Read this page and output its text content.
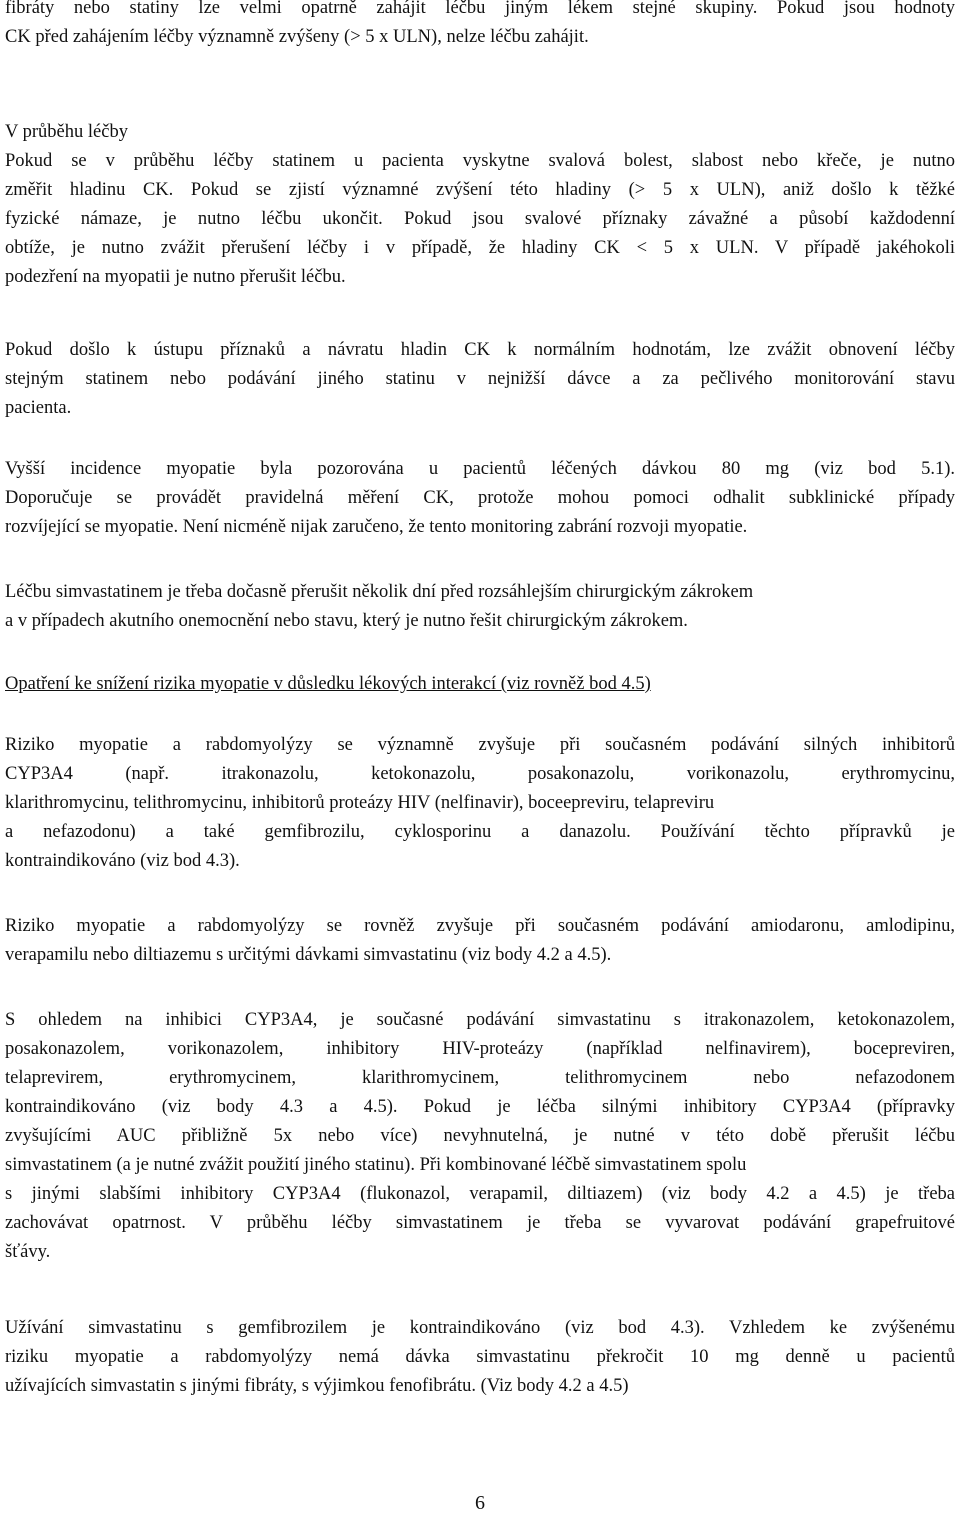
fibráty nebo statiny lze velmi opatrně zahájit léčbu jiným lékem stejné skupiny. Pokud jsou hodnoty
CK před zahájením léčby významně zvýšeny (> 5 x ULN), nelze léčbu zahájit.
V průběhu léčby
Pokud se v průběhu léčby statinem u pacienta vyskytne svalová bolest, slabost nebo křeče, je nutno
změřit hladinu CK. Pokud se zjistí významné zvýšení této hladiny (> 5 x ULN), aniž došlo k těžké
fyzické námaze, je nutno léčbu ukončit. Pokud jsou svalové příznaky závažné a působí každodenní
obtíže, je nutno zvážit přerušení léčby i v případě, že hladiny CK < 5 x ULN. V případě jakéhokoli
podezření na myopatii je nutno přerušit léčbu.
Pokud došlo k ústupu příznaků a návratu hladin CK k normálním hodnotám, lze zvážit obnovení léčby
stejným statinem nebo podávání jiného statinu v nejnižší dávce a za pečlivého monitorování stavu
pacienta.
Vyšší incidence myopatie byla pozorována u pacientů léčených dávkou 80 mg (viz bod 5.1).
Doporučuje se provádět pravidelná měření CK, protože mohou pomoci odhalit subklinické případy
rozvíjející se myopatie. Není nicméně nijak zaručeno, že tento monitoring zabrání rozvoji myopatie.
Léčbu simvastatinem je třeba dočasně přerušit několik dní před rozsáhlejším chirurgickým zákrokem
a v případech akutního onemocnění nebo stavu, který je nutno řešit chirurgickým zákrokem.
Opatření ke snížení rizika myopatie v důsledku lékových interakcí (viz rovněž bod 4.5)
Riziko myopatie a rabdomyolýzy se významně zvyšuje při současném podávání silných inhibitorů
CYP3A4 (např. itrakonazolu, ketokonazolu, posakonazolu, vorikonazolu, erythromycinu,
klarithromycinu, telithromycinu, inhibitorů proteázy HIV (nelfinavir), boceepreviru, telapreviru
a nefazodonu) a také gemfibrozilu, cyklosporinu a danazolu. Používání těchto přípravků je
kontraindikováno (viz bod 4.3).
Riziko myopatie a rabdomyolýzy se rovněž zvyšuje při současném podávání amiodaronu, amlodipinu,
verapamilu nebo diltiazemu s určitými dávkami simvastatinu (viz body 4.2 a 4.5).
S ohledem na inhibici CYP3A4, je současné podávání simvastatinu s itrakonazolem, ketokonazolem,
posakonazolem, vorikonazolem, inhibitory HIV-proteázy (například nelfinavirem), bocepreviren,
telaprevirem, erythromycinem, klarithromycinem, telithromycinem nebo nefazodonem
kontraindikováno (viz body 4.3 a 4.5). Pokud je léčba silnými inhibitory CYP3A4 (přípravky
zvyšujícími AUC přibližně 5x nebo více) nevyhnutelná, je nutné v této době přerušit léčbu
simvastatinem (a je nutné zvážit použití jiného statinu). Při kombinované léčbě simvastatinem spolu
s jinými slabšími inhibitory CYP3A4 (flukonazol, verapamil, diltiazem) (viz body 4.2 a 4.5) je třeba
zachovávat opatrnost. V průběhu léčby simvastatinem je třeba se vyvarovat podávání grapefruitové
šťávy.
Užívání simvastatinu s gemfibrozilem je kontraindikováno (viz bod 4.3). Vzhledem ke zvýšenému
riziku myopatie a rabdomyolýzy nemá dávka simvastatinu překročit 10 mg denně u pacientů
užívajících simvastatin s jinými fibráty, s výjimkou fenofibrátu. (Viz body 4.2 a 4.5)
6
